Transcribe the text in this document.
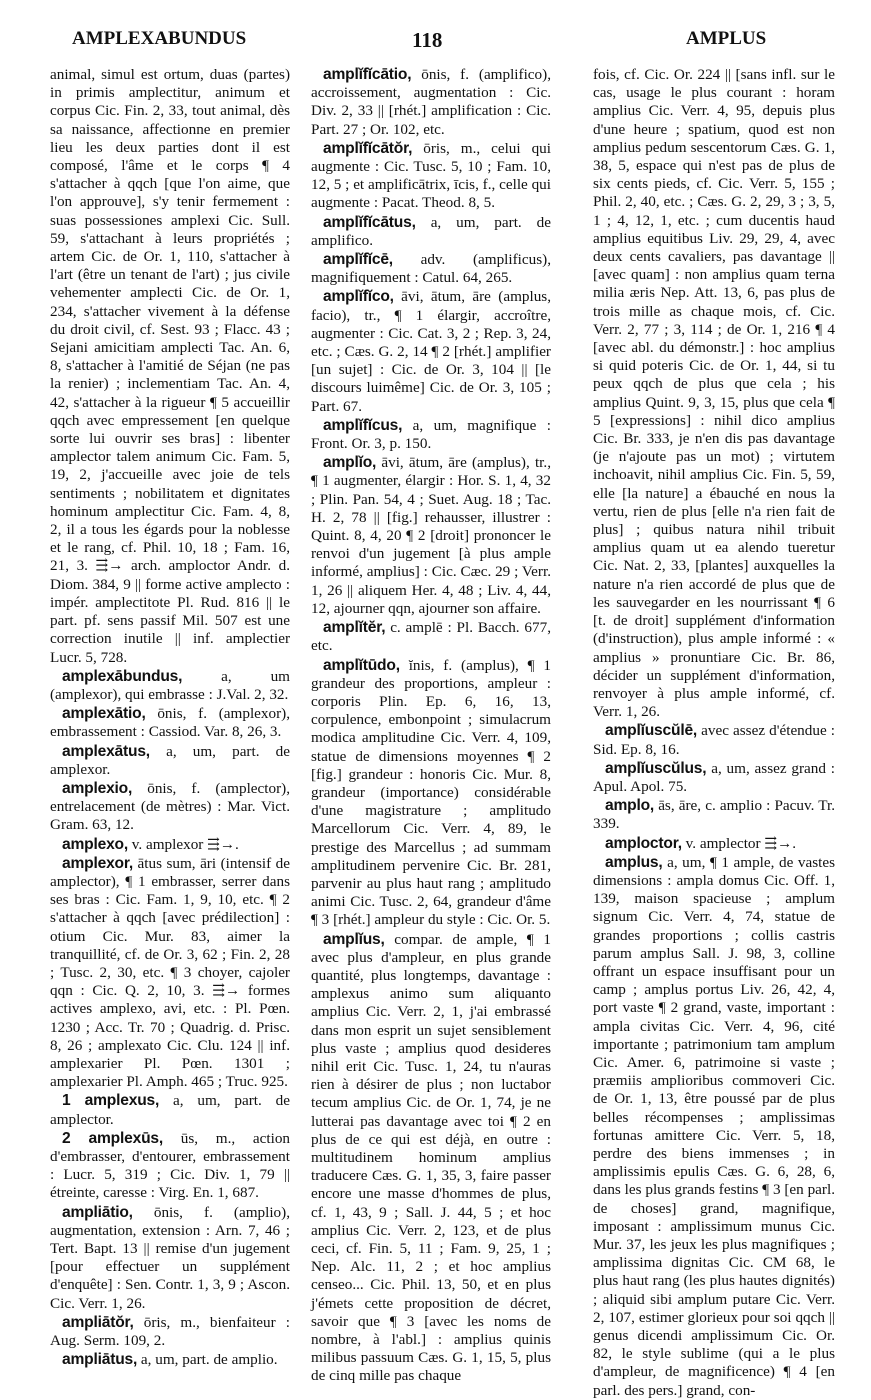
AMPLEXABUNDUS	118	AMPLUS
animal, simul est ortum, duas (partes) in primis amplectitur, animum et corpus Cic. Fin. 2, 33, tout animal, dès sa naissance, affectionne en premier lieu les deux parties dont il est composé, l'âme et le corps ¶ 4 s'attacher à qqch [que l'on aime, que l'on approuve], s'y tenir fermement : suas possessiones amplexi Cic. Sull. 59, s'attachant à leurs propriétés ; artem Cic. de Or. 1, 110, s'attacher à l'art (être un tenant de l'art) ; jus civile vehementer amplecti Cic. de Or. 1, 234, s'attacher vivement à la défense du droit civil, cf. Sest. 93 ; Flacc. 43 ; Sejani amicitiam amplecti Tac. An. 6, 8, s'attacher à l'amitié de Séjan (ne pas la renier) ; inclementiam Tac. An. 4, 42, s'attacher à la rigueur ¶ 5 accueillir qqch avec empressement [en quelque sorte lui ouvrir ses bras] : libenter amplector talem animum Cic. Fam. 5, 19, 2, j'accueille avec joie de tels sentiments ; nobilitatem et dignitates hominum amplectitur Cic. Fam. 4, 8, 2, il a tous les égards pour la noblesse et le rang, cf. Phil. 10, 18 ; Fam. 16, 21, 3. ⇶→ arch. amploctor Andr. d. Diom. 384, 9 || forme active amplecto : impér. amplectitote Pl. Rud. 816 || le part. pf. sens passif Mil. 507 est une correction inutile || inf. amplectier Lucr. 5, 728.
amplexābundus,	a, um (amplexor), qui embrasse : J.Val. 2, 32.
amplexātio, ōnis, f. (amplexor), embrassement : Cassiod. Var. 8, 26, 3.
amplexātus, a, um, part. de amplexor.
amplexio, ōnis, f. (amplector), entrelacement (de mètres) : Mar. Vict. Gram. 63, 12.
amplexo, v. amplexor ⇶→.
amplexor, ātus sum, āri (intensif de amplector), ¶ 1 embrasser, serrer dans ses bras : Cic. Fam. 1, 9, 10, etc. ¶ 2 s'attacher à qqch [avec prédilection] : otium Cic. Mur. 83, aimer la tranquillité, cf. de Or. 3, 62 ; Fin. 2, 28 ; Tusc. 2, 30, etc. ¶ 3 choyer, cajoler qqn : Cic. Q. 2, 10, 3. ⇶→ formes actives amplexo, avi, etc. : Pl. Pœn. 1230 ; Acc. Tr. 70 ; Quadrig. d. Prisc. 8, 26 ; amplexato Cic. Clu. 124 || inf. amplexarier Pl. Pœn. 1301 ; amplexarier Pl. Amph. 465 ; Truc. 925.
1 amplexus, a, um, part. de amplector.
2 amplexūs, ūs, m., action d'embrasser, d'entourer, embrassement : Lucr. 5, 319 ; Cic. Div. 1, 79 || étreinte, caresse : Virg. En. 1, 687.
ampliātio, ōnis, f. (amplio), augmentation, extension : Arn. 7, 46 ; Tert. Bapt. 13 || remise d'un jugement [pour effectuer un supplément d'enquête] : Sen. Contr. 1, 3, 9 ; Ascon. Cic. Verr. 1, 26.
ampliātŏr, ōris, m., bienfaiteur : Aug. Serm. 109, 2.
ampliātus, a, um, part. de amplio.
amplĭfĭcātio, ōnis, f. (amplifico), accroissement, augmentation : Cic. Div. 2, 33 || [rhét.] amplification : Cic. Part. 27 ; Or. 102, etc.
amplĭfĭcātŏr, ōris, m., celui qui augmente : Cic. Tusc. 5, 10 ; Fam. 10, 12, 5 ; et amplificātrix, īcis, f., celle qui augmente : Pacat. Theod. 8, 5.
amplĭfĭcātus, a, um, part. de amplifico.
amplĭfĭcē, adv. (amplificus), magnifiquement : Catul. 64, 265.
amplĭfĭco, āvi, ātum, āre (amplus, facio), tr., ¶ 1 élargir, accroître, augmenter : Cic. Cat. 3, 2 ; Rep. 3, 24, etc. ; Cæs. G. 2, 14 ¶ 2 [rhét.] amplifier [un sujet] : Cic. de Or. 3, 104 || [le discours luimême] Cic. de Or. 3, 105 ; Part. 67.
amplĭfĭcus, a, um, magnifique : Front. Or. 3, p. 150.
amplĭo, āvi, ātum, āre (amplus), tr., ¶ 1 augmenter, élargir : Hor. S. 1, 4, 32 ; Plin. Pan. 54, 4 ; Suet. Aug. 18 ; Tac. H. 2, 78 || [fig.] rehausser, illustrer : Quint. 8, 4, 20 ¶ 2 [droit] prononcer le renvoi d'un jugement [à plus ample informé, amplius] : Cic. Cæc. 29 ; Verr. 1, 26 || aliquem Her. 4, 48 ; Liv. 4, 44, 12, ajourner qqn, ajourner son affaire.
amplĭtĕr, c. amplē : Pl. Bacch. 677, etc.
amplĭtūdo, ĭnis, f. (amplus), ¶ 1 grandeur des proportions, ampleur : corporis Plin. Ep. 6, 16, 13, corpulence, embonpoint ; simulacrum modica amplitudine Cic. Verr. 4, 109, statue de dimensions moyennes ¶ 2 [fig.] grandeur : honoris Cic. Mur. 8, grandeur (importance) considérable d'une magistrature ; amplitudo Marcellorum Cic. Verr. 4, 89, le prestige des Marcellus ; ad summam amplitudinem pervenire Cic. Br. 281, parvenir au plus haut rang ; amplitudo animi Cic. Tusc. 2, 64, grandeur d'âme ¶ 3 [rhét.] ampleur du style : Cic. Or. 5.
amplĭus, compar. de ample, ¶ 1 avec plus d'ampleur, en plus grande quantité, plus longtemps, davantage : amplexus animo sum aliquanto amplius Cic. Verr. 2, 1, j'ai embrassé dans mon esprit un sujet sensiblement plus vaste ; amplius quod desideres nihil erit Cic. Tusc. 1, 24, tu n'auras rien à désirer de plus ; non luctabor tecum amplius Cic. de Or. 1, 74, je ne lutterai pas davantage avec toi ¶ 2 en plus de ce qui est déjà, en outre : multitudinem hominum amplius traducere Cæs. G. 1, 35, 3, faire passer encore une masse d'hommes de plus, cf. 1, 43, 9 ; Sall. J. 44, 5 ; et hoc amplius Cic. Verr. 2, 123, et de plus ceci, cf. Fin. 5, 11 ; Fam. 9, 25, 1 ; Nep. Alc. 11, 2 ; et hoc amplius censeo... Cic. Phil. 13, 50, et en plus j'émets cette proposition de décret, savoir que ¶ 3 [avec les noms de nombre, à l'abl.] : amplius quinis milibus passuum Cæs. G. 1, 15, 5, plus de cinq mille pas chaque
fois, cf. Cic. Or. 224 || [sans infl. sur le cas, usage le plus courant : horam amplius Cic. Verr. 4, 95, depuis plus d'une heure ; spatium, quod est non amplius pedum sescentorum Cæs. G. 1, 38, 5, espace qui n'est pas de plus de six cents pieds, cf. Cic. Verr. 5, 155 ; Phil. 2, 40, etc. ; Cæs. G. 2, 29, 3 ; 3, 5, 1 ; 4, 12, 1, etc. ; cum ducentis haud amplius equitibus Liv. 29, 29, 4, avec deux cents cavaliers, pas davantage || [avec quam] : non amplius quam terna milia æris Nep. Att. 13, 6, pas plus de trois mille as chaque mois, cf. Cic. Verr. 2, 77 ; 3, 114 ; de Or. 1, 216 ¶ 4 [avec abl. du démonstr.] : hoc amplius si quid poteris Cic. de Or. 1, 44, si tu peux qqch de plus que cela ; his amplius Quint. 9, 3, 15, plus que cela ¶ 5 [expressions] : nihil dico amplius Cic. Br. 333, je n'en dis pas davantage (je n'ajoute pas un mot) ; virtutem inchoavit, nihil amplius Cic. Fin. 5, 59, elle [la nature] a ébauché en nous la vertu, rien de plus [elle n'a rien fait de plus] ; quibus natura nihil tribuit amplius quam ut ea alendo tueretur Cic. Nat. 2, 33, [plantes] auxquelles la nature n'a rien accordé de plus que de les sauvegarder en les nourrissant ¶ 6 [t. de droit] supplément d'information (d'instruction), plus ample informé : « amplius » pronuntiare Cic. Br. 86, décider un supplément d'information, renvoyer à plus ample informé, cf. Verr. 1, 26.
amplĭuscŭlē, avec assez d'étendue : Sid. Ep. 8, 16.
amplĭuscŭlus, a, um, assez grand : Apul. Apol. 75.
amplo, ās, āre, c. amplio : Pacuv. Tr. 339.
amploctor, v. amplector ⇶→.
amplus, a, um, ¶ 1 ample, de vastes dimensions : ampla domus Cic. Off. 1, 139, maison spacieuse ; amplum signum Cic. Verr. 4, 74, statue de grandes proportions ; collis castris parum amplus Sall. J. 98, 3, colline offrant un espace insuffisant pour un camp ; amplus portus Liv. 26, 42, 4, port vaste ¶ 2 grand, vaste, important : ampla civitas Cic. Verr. 4, 96, cité importante ; patrimonium tam amplum Cic. Amer. 6, patrimoine si vaste ; præmiis amplioribus commoveri Cic. de Or. 1, 13, être poussé par de plus belles récompenses ; amplissimas fortunas amittere Cic. Verr. 5, 18, perdre des biens immenses ; in amplissimis epulis Cæs. G. 6, 28, 6, dans les plus grands festins ¶ 3 [en parl. de choses] grand, magnifique, imposant : amplissimum munus Cic. Mur. 37, les jeux les plus magnifiques ; amplissima dignitas Cic. CM 68, le plus haut rang (les plus hautes dignités) ; aliquid sibi amplum putare Cic. Verr. 2, 107, estimer glorieux pour soi qqch || genus dicendi amplissimum Cic. Or. 82, le style sublime (qui a le plus d'ampleur, de magnificence) ¶ 4 [en parl. des pers.] grand, con-
